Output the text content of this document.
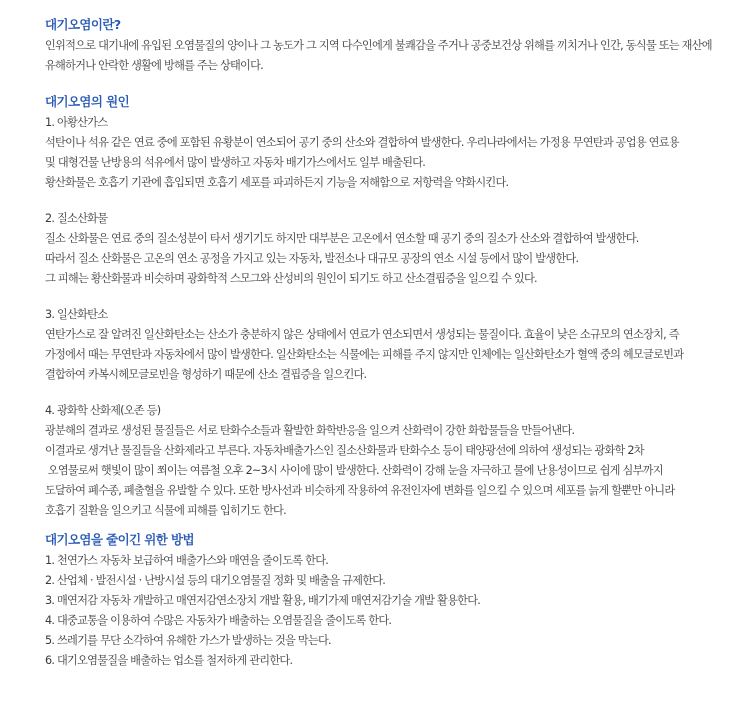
대기오염이란?

인위적으로 대기내에 유입된 오염물질의 양이나 그 농도가 그 지역 다수인에게 불쾌감을 주거나 공중보건상 위해를 끼치거나 인간, 동식물 또는 재산에

유해하거나 안락한 생활에 방해를 주는 상태이다.

대기오염의 원인

1. 아황산가스

석탄이나 석유 같은 연료 중에 포함된 유황분이 연소되어 공기 중의 산소와 결합하여 발생한다. 우리나라에서는 가정용 무연탄과 공업용 연료용

및 대형건물 난방용의 석유에서 많이 발생하고 자동차 배기가스에서도 일부 배출된다.

황산화물은 호흡기 기관에 흡입되면 호흡기 세포를 파괴하든지 기능을 저해함으로 저항력을 약화시킨다.

2. 질소산화물

질소 산화물은 연료 중의 질소성분이 타서 생기기도 하지만 대부분은 고온에서 연소할 때 공기 중의 질소가 산소와 결합하여 발생한다.

따라서 질소 산화물은 고온의 연소 공정을 가지고 있는 자동차, 발전소나 대규모 공장의 연소 시설 등에서 많이 발생한다.

그 피해는 황산화물과 비슷하며 광화학적 스모그와 산성비의 원인이 되기도 하고 산소결핍증을 일으킬 수 있다.

3. 일산화탄소

연탄가스로 잘 알려진 일산화탄소는 산소가 충분하지 않은 상태에서 연료가 연소되면서 생성되는 물질이다. 효율이 낮은 소규모의 연소장치, 즉

가정에서 때는 무연탄과 자동차에서 많이 발생한다. 일산화탄소는 식물에는 피해를 주지 않지만 인체에는 일산화탄소가 혈액 중의 헤모글로빈과

결합하여 카복시헤모글로빈을 형성하기 때문에 산소 결핍증을 일으킨다.

4. 광화학 산화제(오존 등)

광분해의 결과로 생성된 물질들은 서로 탄화수소들과 활발한 화학반응을 일으켜 산화력이 강한 화합물들을 만들어낸다.

이결과로 생겨난 물질들을 산화제라고 부른다. 자동차배출가스인 질소산화물과 탄화수소 등이 태양광선에 의하여 생성되는 광화학 2차

오염물로써 햇빛이 많이 쬐이는 여름철 오후 2~3시 사이에 많이 발생한다. 산화력이 강해 눈을 자극하고 물에 난용성이므로 쉽게 심부까지

도달하여 폐수종, 폐출혈을 유발할 수 있다. 또한 방사선과 비슷하게 작용하여 유전인자에 변화를 일으킬 수 있으며 세포를 늙게 할뿐만 아니라

호흡기 질환을 일으키고 식물에 피해를 입히기도 한다.

대기오염을 줄이긴 위한 방법

1. 천연가스 자동차 보급하여 배출가스와 매연을 줄이도록 한다.

2. 산업체 · 발전시설 · 난방시설 등의 대기오염물질 정화 및 배출을 규제한다.

3. 매연저감 자동차 개발하고 매연저감연소장치 개발 활용, 배기가제 매연저감기술 개발 활용한다.

4. 대중교통을 이용하여 수많은 자동차가 배출하는 오염물질을 줄이도록 한다.

5. 쓰레기를 무단 소각하여 유해한 가스가 발생하는 것을 막는다.

6. 대기오염물질을 배출하는 업소를 철저하게 관리한다.
